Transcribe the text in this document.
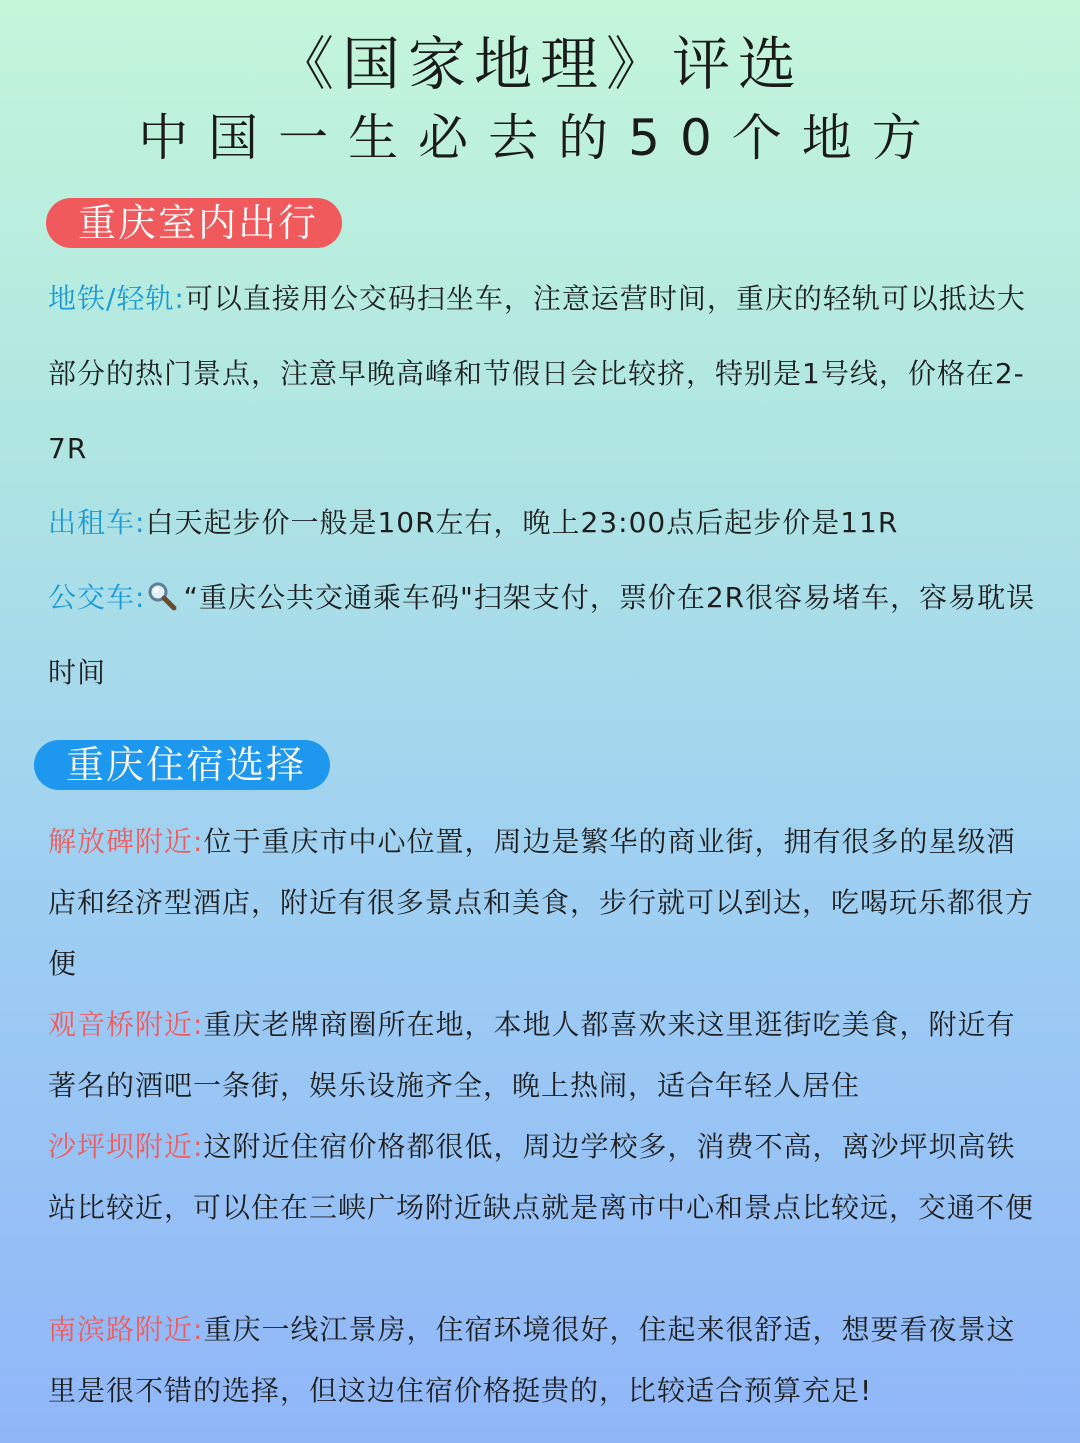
《国家地理》评选
中国一生必去的50个地方
重庆室内出行
地铁/轻轨:可以直接用公交码扫坐车，注意运营时间，重庆的轻轨可以抵达大部分的热门景点，注意早晚高峰和节假日会比较挤，特别是1号线，价格在2-7R
出租车:白天起步价一般是10R左右，晚上23:00点后起步价是11R
公交车: “重庆公共交通乘车码"扫架支付，票价在2R很容易堵车，容易耽误时间
重庆住宿选择
解放碑附近:位于重庆市中心位置，周边是繁华的商业街，拥有很多的星级酒店和经济型酒店，附近有很多景点和美食，步行就可以到达，吃喝玩乐都很方便
观音桥附近:重庆老牌商圈所在地，本地人都喜欢来这里逛街吃美食，附近有著名的酒吧一条街，娱乐设施齐全，晚上热闹，适合年轻人居住
沙坪坝附近:这附近住宿价格都很低，周边学校多，消费不高，离沙坪坝高铁站比较近，可以住在三峡广场附近缺点就是离市中心和景点比较远，交通不便
南滨路附近:重庆一线江景房，住宿环境很好，住起来很舒适，想要看夜景这里是很不错的选择，但这边住宿价格挺贵的，比较适合预算充足!
